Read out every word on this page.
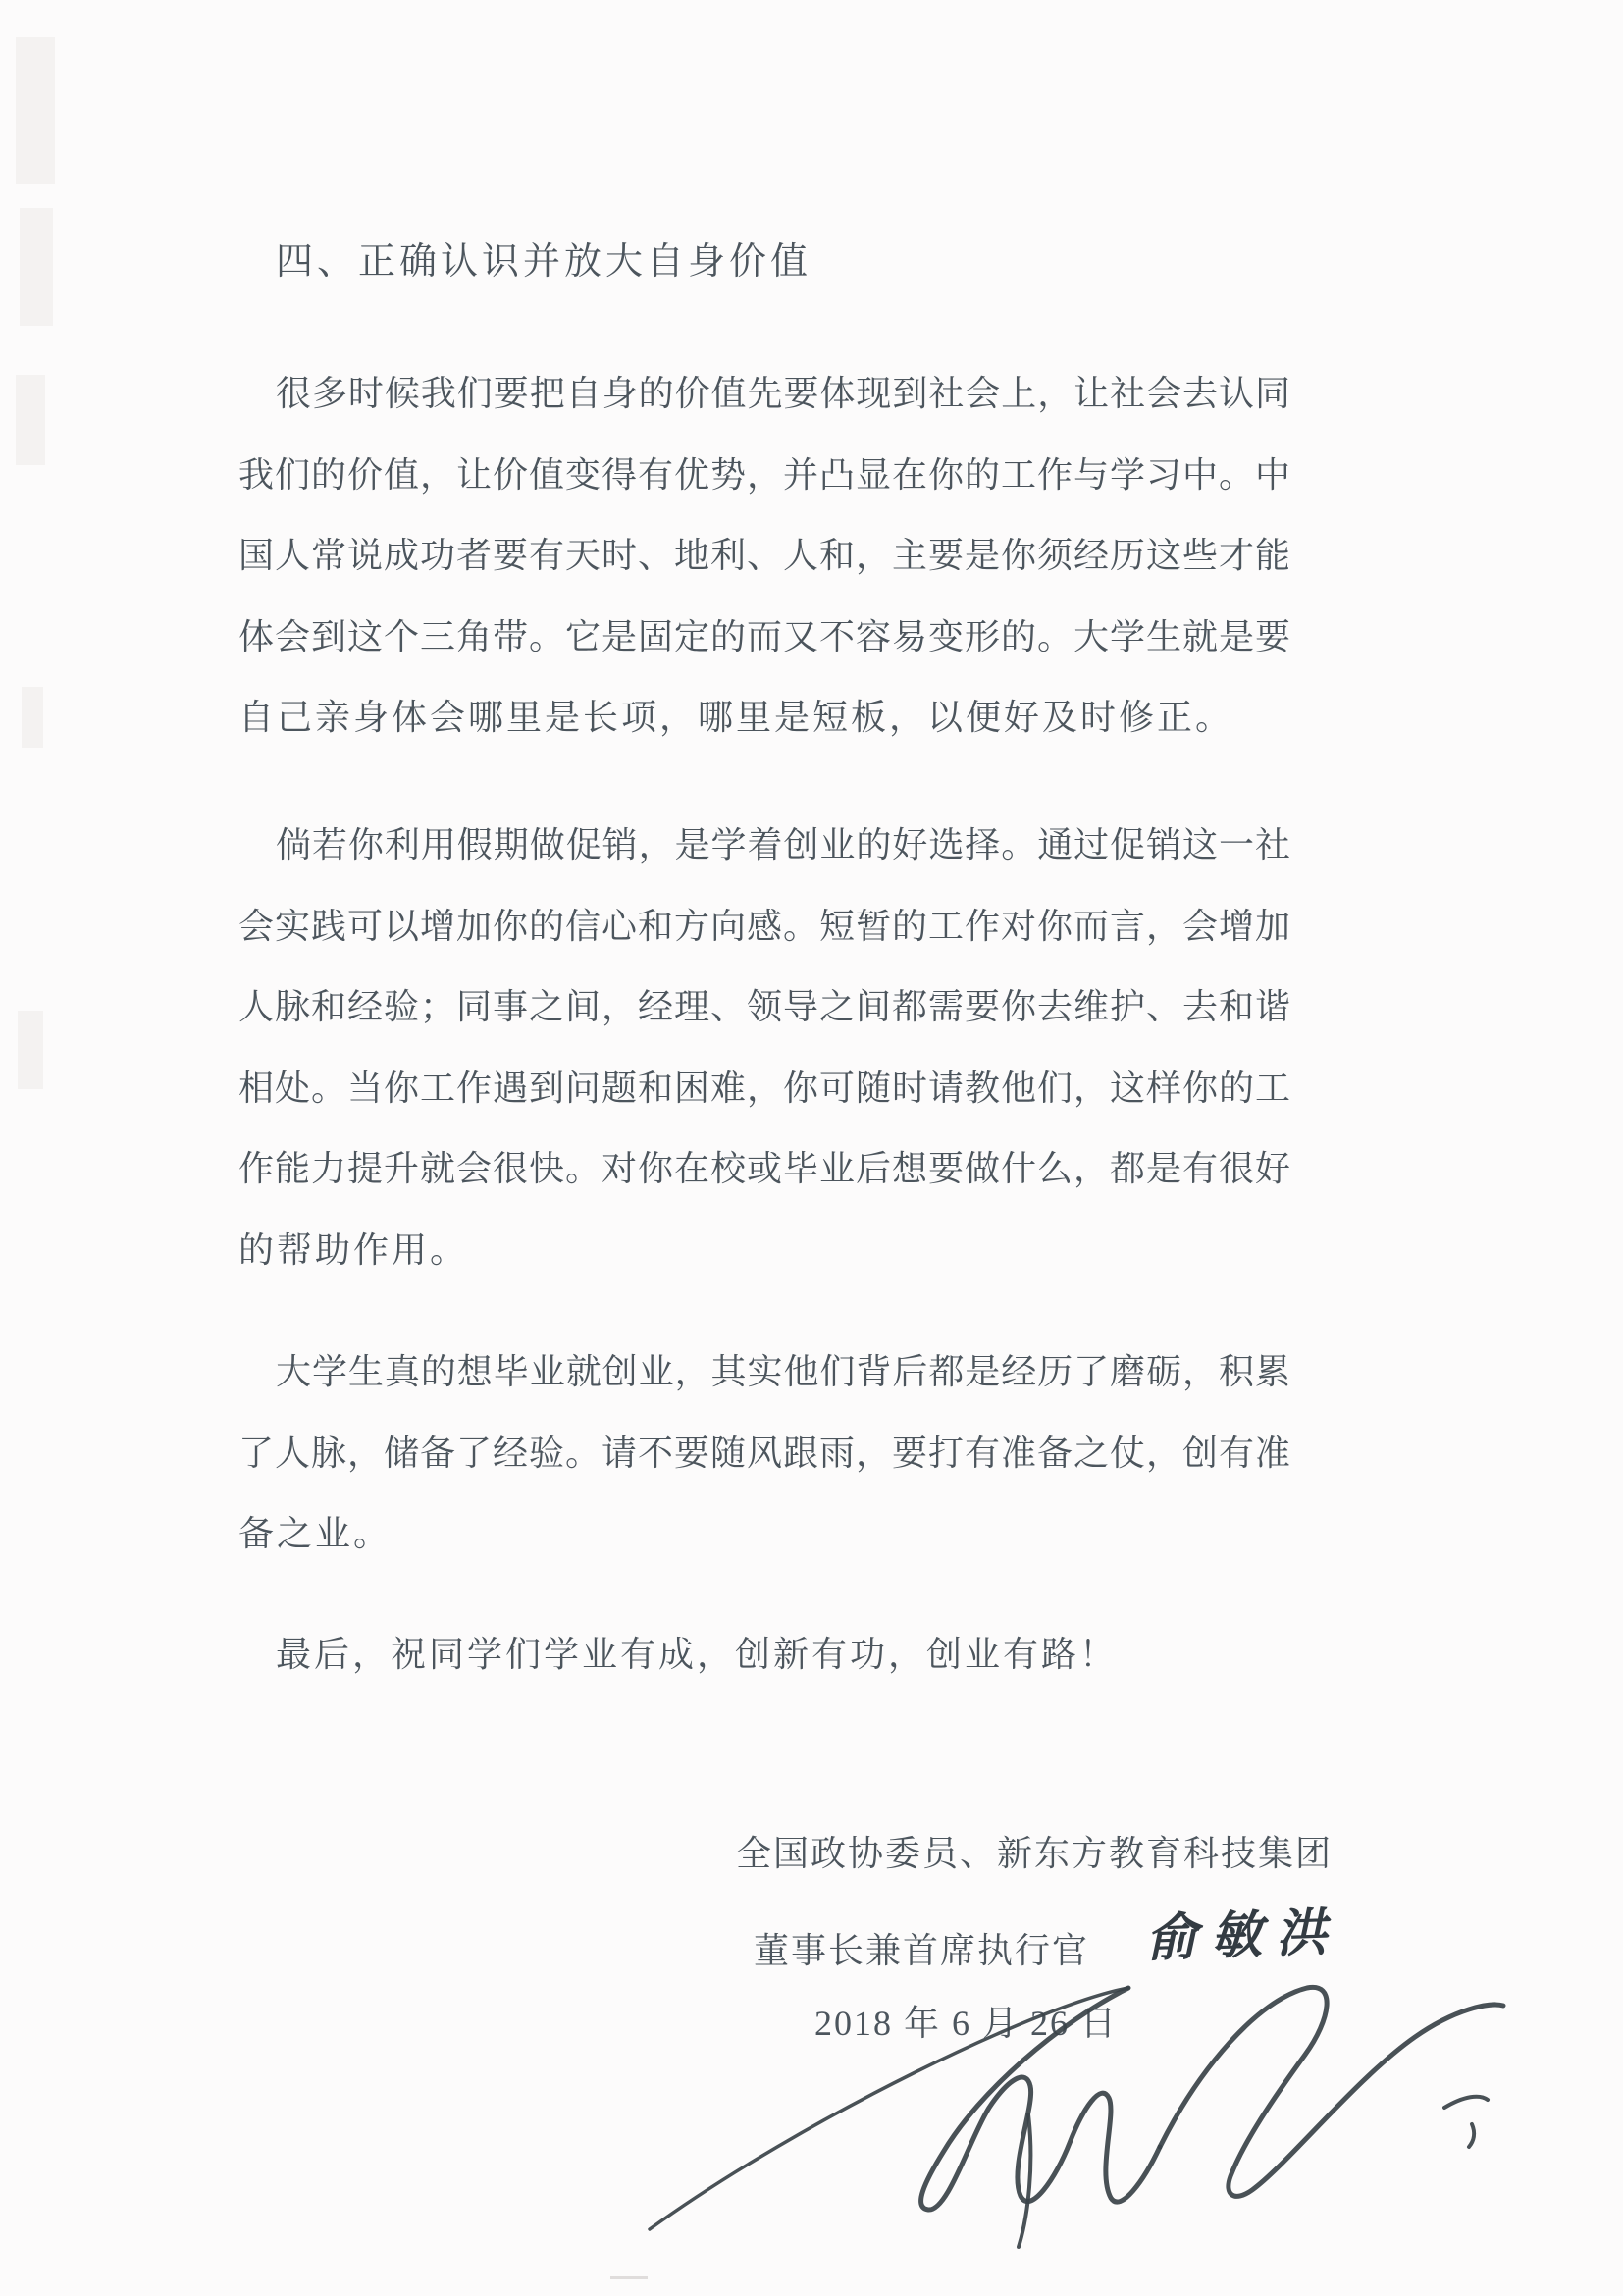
四、正确认识并放大自身价值
很多时候我们要把自身的价值先要体现到社会上，让社会去认同
我们的价值，让价值变得有优势，并凸显在你的工作与学习中。中
国人常说成功者要有天时、地利、人和，主要是你须经历这些才能
体会到这个三角带。它是固定的而又不容易变形的。大学生就是要
自己亲身体会哪里是长项，哪里是短板，以便好及时修正。
倘若你利用假期做促销，是学着创业的好选择。通过促销这一社
会实践可以增加你的信心和方向感。短暂的工作对你而言，会增加
人脉和经验；同事之间，经理、领导之间都需要你去维护、去和谐
相处。当你工作遇到问题和困难，你可随时请教他们，这样你的工
作能力提升就会很快。对你在校或毕业后想要做什么，都是有很好
的帮助作用。
大学生真的想毕业就创业，其实他们背后都是经历了磨砺，积累
了人脉，储备了经验。请不要随风跟雨，要打有准备之仗，创有准
备之业。
最后，祝同学们学业有成，创新有功，创业有路！
全国政协委员、新东方教育科技集团
董事长兼首席执行官 俞敏洪
2018 年 6 月 26 日
